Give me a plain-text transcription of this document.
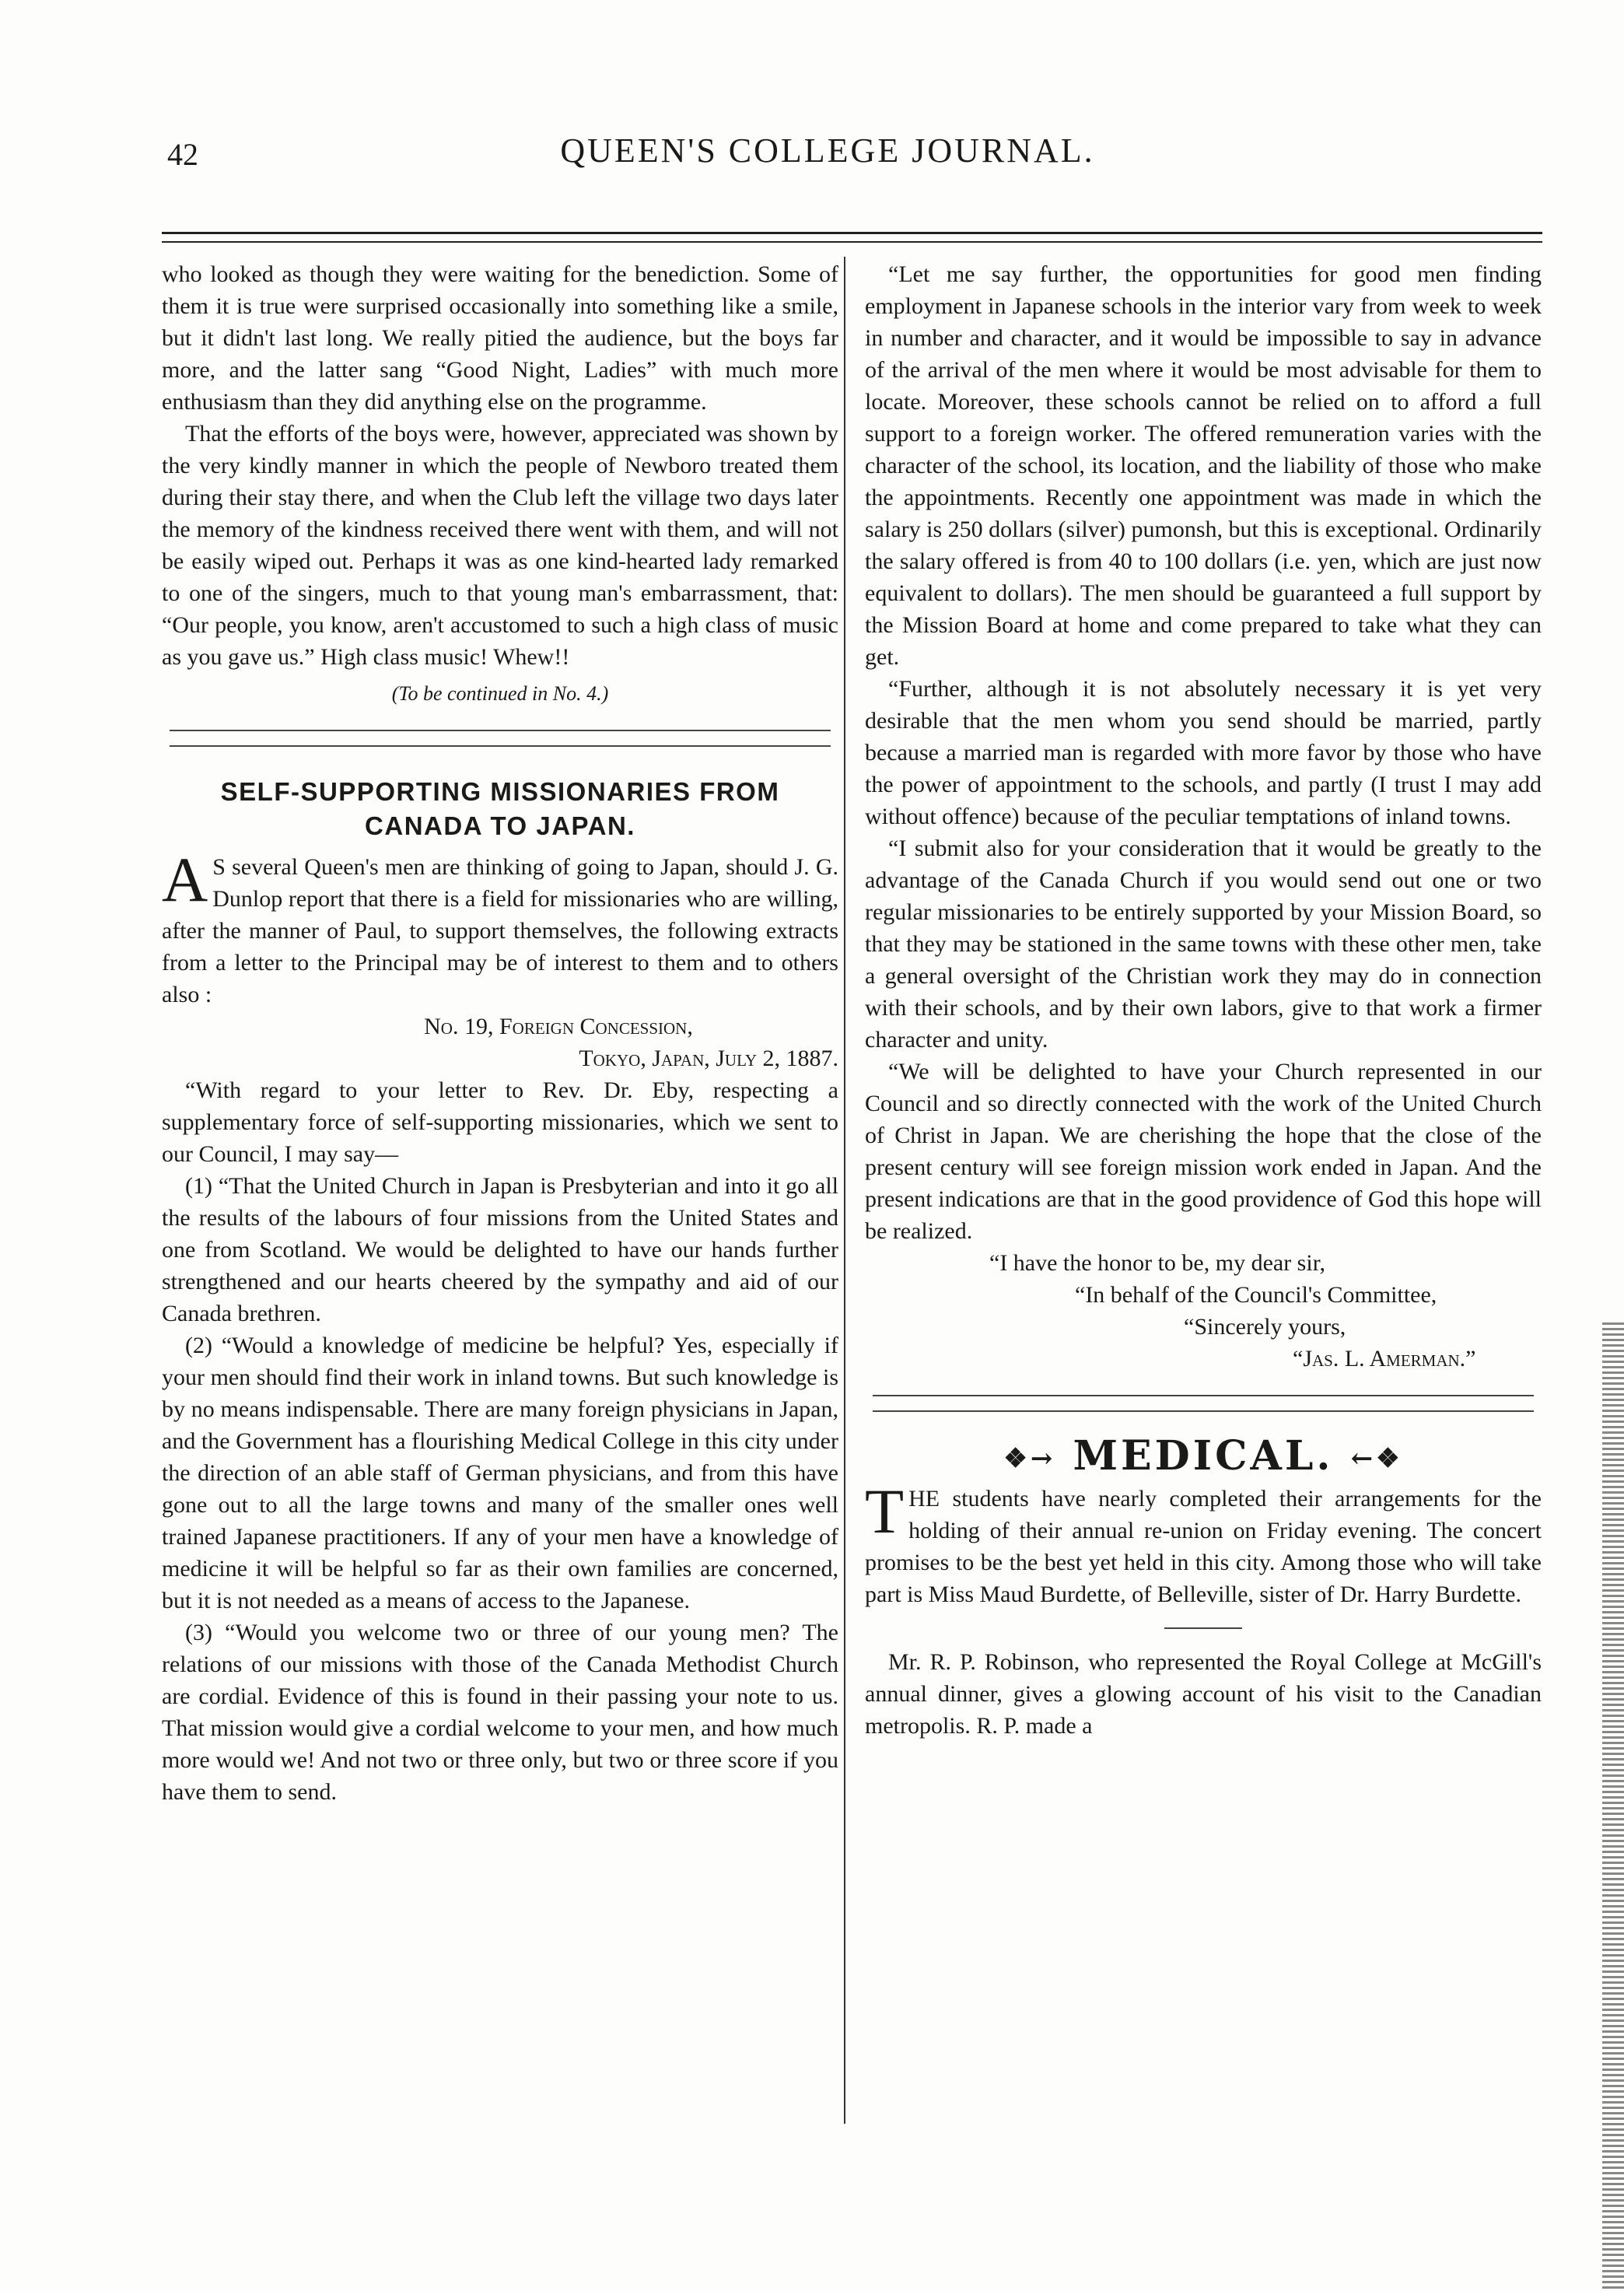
42	QUEEN'S COLLEGE JOURNAL.

who looked as though they were waiting for the benediction. Some of them it is true were surprised occasionally into something like a smile, but it didn't last long. We really pitied the audience, but the boys far more, and the latter sang “Good Night, Ladies” with much more enthusiasm than they did anything else on the programme.

That the efforts of the boys were, however, appreciated was shown by the very kindly manner in which the people of Newboro treated them during their stay there, and when the Club left the village two days later the memory of the kindness received there went with them, and will not be easily wiped out. Perhaps it was as one kind-hearted lady remarked to one of the singers, much to that young man's embarrassment, that: “Our people, you know, aren't accustomed to such a high class of music as you gave us.” High class music! Whew!!

(To be continued in No. 4.)
SELF-SUPPORTING MISSIONARIES FROM
CANADA TO JAPAN.

A S several Queen's men are thinking of going to Japan, should J. G. Dunlop report that there is a field for missionaries who are willing, after the manner of Paul, to support themselves, the following extracts from a letter to the Principal may be of interest to them and to others also :

No. 19, Foreign Concession,

Tokyo, Japan, July 2, 1887.

“With regard to your letter to Rev. Dr. Eby, respecting a supplementary force of self-supporting missionaries, which we sent to our Council, I may say—

(1) “That the United Church in Japan is Presbyterian and into it go all the results of the labours of four missions from the United States and one from Scotland. We would be delighted to have our hands further strengthened and our hearts cheered by the sympathy and aid of our Canada brethren.

(2) “Would a knowledge of medicine be helpful? Yes, especially if your men should find their work in inland towns. But such knowledge is by no means indispensable. There are many foreign physicians in Japan, and the Government has a flourishing Medical College in this city under the direction of an able staff of German physicians, and from this have gone out to all the large towns and many of the smaller ones well trained Japanese practitioners. If any of your men have a knowledge of medicine it will be helpful so far as their own families are concerned, but it is not needed as a means of access to the Japanese.

(3) “Would you welcome two or three of our young men? The relations of our missions with those of the Canada Methodist Church are cordial. Evidence of this is found in their passing your note to us. That mission would give a cordial welcome to your men, and how much more would we! And not two or three only, but two or three score if you have them to send.

“Let me say further, the opportunities for good men finding employment in Japanese schools in the interior vary from week to week in number and character, and it would be impossible to say in advance of the arrival of the men where it would be most advisable for them to locate. Moreover, these schools cannot be relied on to afford a full support to a foreign worker. The offered remuneration varies with the character of the school, its location, and the liability of those who make the appointments. Recently one appointment was made in which the salary is 250 dollars (silver) pumonsh, but this is exceptional. Ordinarily the salary offered is from 40 to 100 dollars (i.e. yen, which are just now equivalent to dollars). The men should be guaranteed a full support by the Mission Board at home and come prepared to take what they can get.

“Further, although it is not absolutely necessary it is yet very desirable that the men whom you send should be married, partly because a married man is regarded with more favor by those who have the power of appointment to the schools, and partly (I trust I may add without offence) because of the peculiar temptations of inland towns.

“I submit also for your consideration that it would be greatly to the advantage of the Canada Church if you would send out one or two regular missionaries to be entirely supported by your Mission Board, so that they may be stationed in the same towns with these other men, take a general oversight of the Christian work they may do in connection with their schools, and by their own labors, give to that work a firmer character and unity.

“We will be delighted to have your Church represented in our Council and so directly connected with the work of the United Church of Christ in Japan. We are cherishing the hope that the close of the present century will see foreign mission work ended in Japan. And the present indications are that in the good providence of God this hope will be realized.

“I have the honor to be, my dear sir,

“In behalf of the Council's Committee,

“Sincerely yours,

“Jas. L. Amerman.”

❖→ MEDICAL. ←❖

THE students have nearly completed their arrangements for the holding of their annual re-union on Friday evening. The concert promises to be the best yet held in this city. Among those who will take part is Miss Maud Burdette, of Belleville, sister of Dr. Harry Burdette.

Mr. R. P. Robinson, who represented the Royal College at McGill's annual dinner, gives a glowing account of his visit to the Canadian metropolis. R. P. made a
